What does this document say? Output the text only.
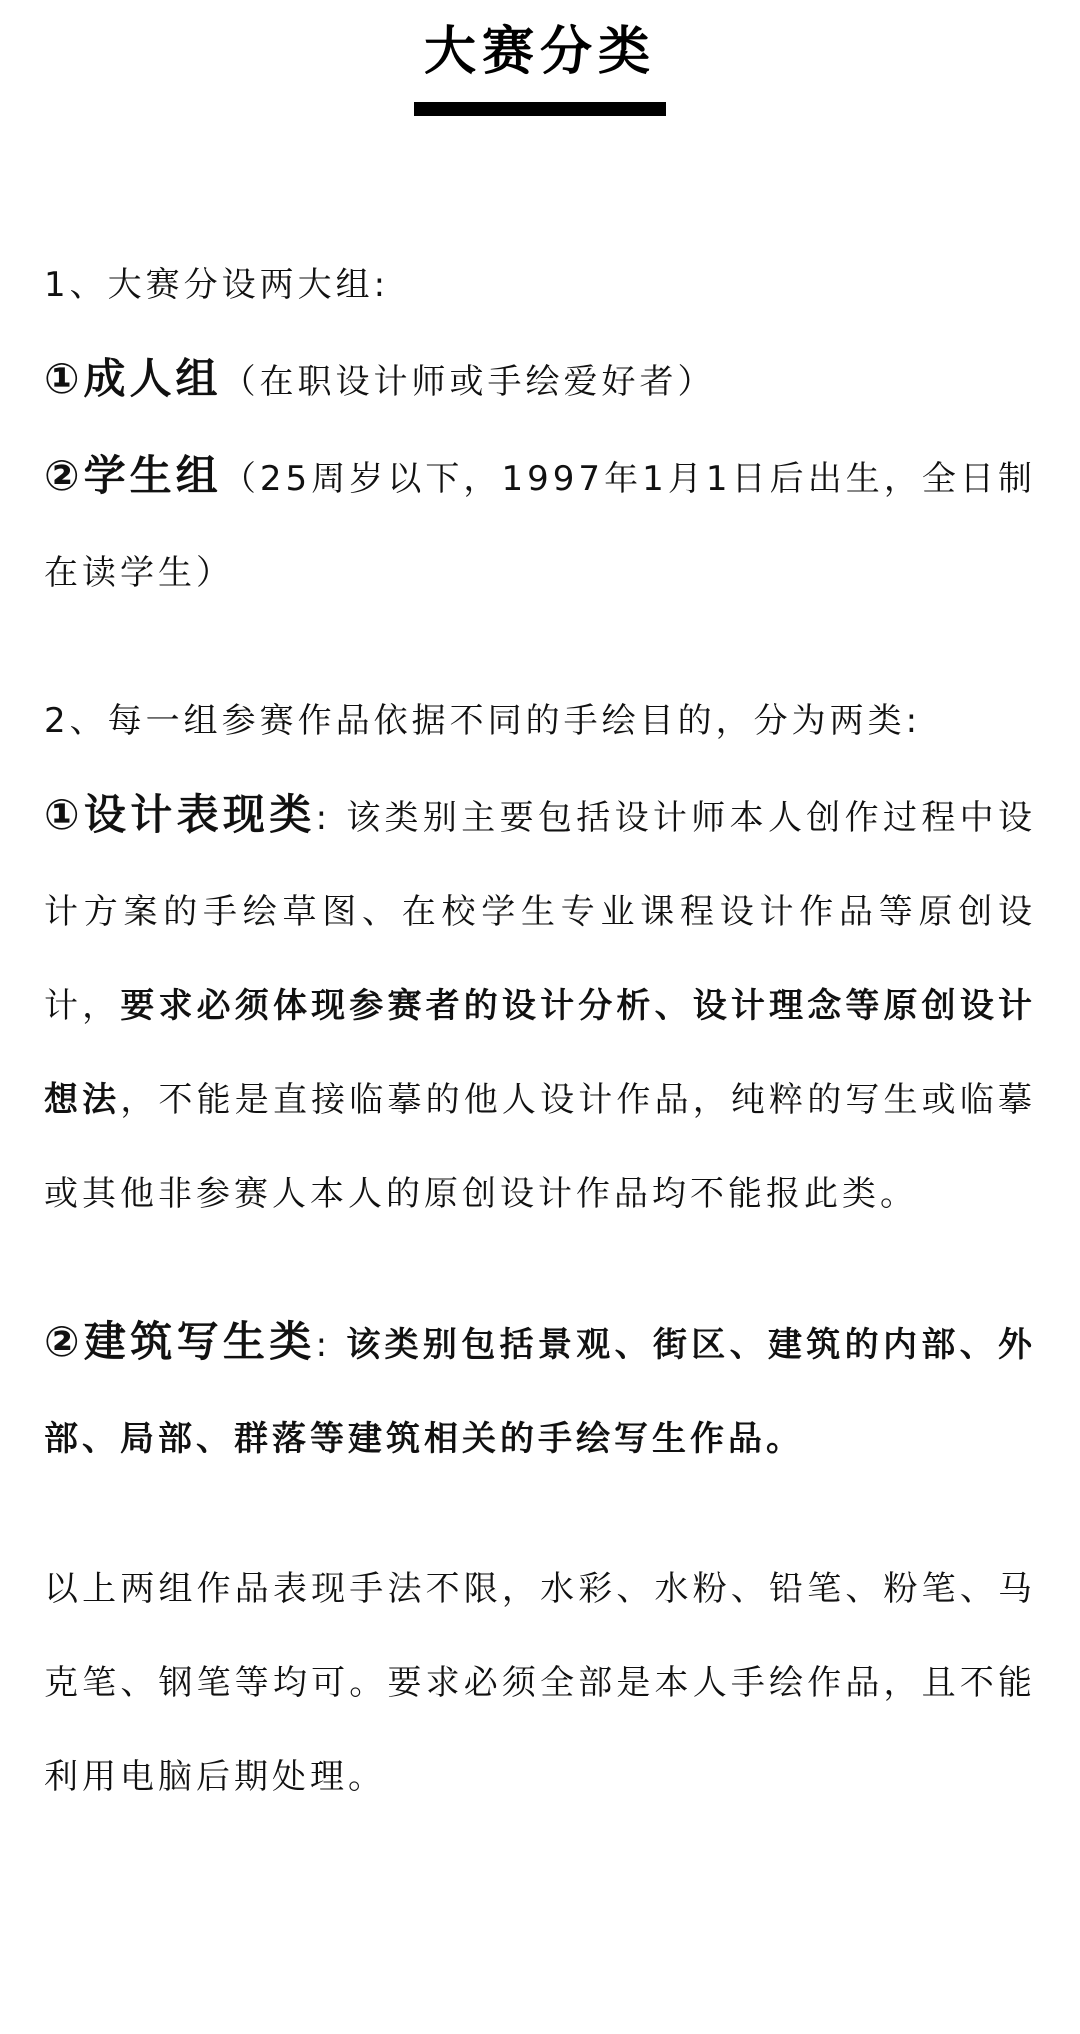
大赛分类

1、大赛分设两大组:

①成人组（在职设计师或手绘爱好者）

②学生组（25周岁以下，1997年1月1日后出生，全日制在读学生）

2、每一组参赛作品依据不同的手绘目的，分为两类:

①设计表现类: 该类别主要包括设计师本人创作过程中设计方案的手绘草图、在校学生专业课程设计作品等原创设计，要求必须体现参赛者的设计分析、设计理念等原创设计想法，不能是直接临摹的他人设计作品，纯粹的写生或临摹或其他非参赛人本人的原创设计作品均不能报此类。

②建筑写生类: 该类别包括景观、街区、建筑的内部、外部、局部、群落等建筑相关的手绘写生作品。

以上两组作品表现手法不限，水彩、水粉、铅笔、粉笔、马克笔、钢笔等均可。要求必须全部是本人手绘作品，且不能利用电脑后期处理。
